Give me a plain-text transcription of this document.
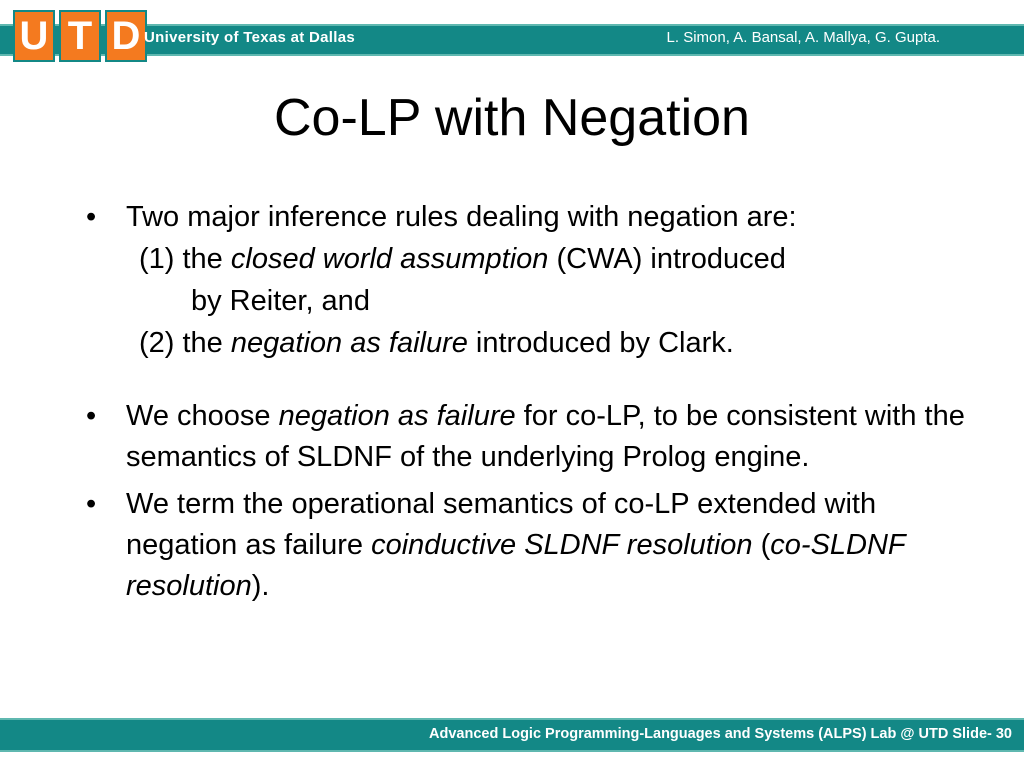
U T D University of Texas at Dallas	L. Simon, A. Bansal, A. Mallya, G. Gupta.
Co-LP with Negation
• Two major inference rules dealing with negation are:
(1) the closed world assumption (CWA) introduced
by Reiter, and
(2) the negation as failure introduced by Clark.
• We choose negation as failure for co-LP, to be consistent with the semantics of SLDNF of the underlying Prolog engine.
• We term the operational semantics of co-LP extended with negation as failure coinductive SLDNF resolution (co-SLDNF resolution).
Advanced Logic Programming-Languages and Systems (ALPS) Lab @ UTD Slide- 30
